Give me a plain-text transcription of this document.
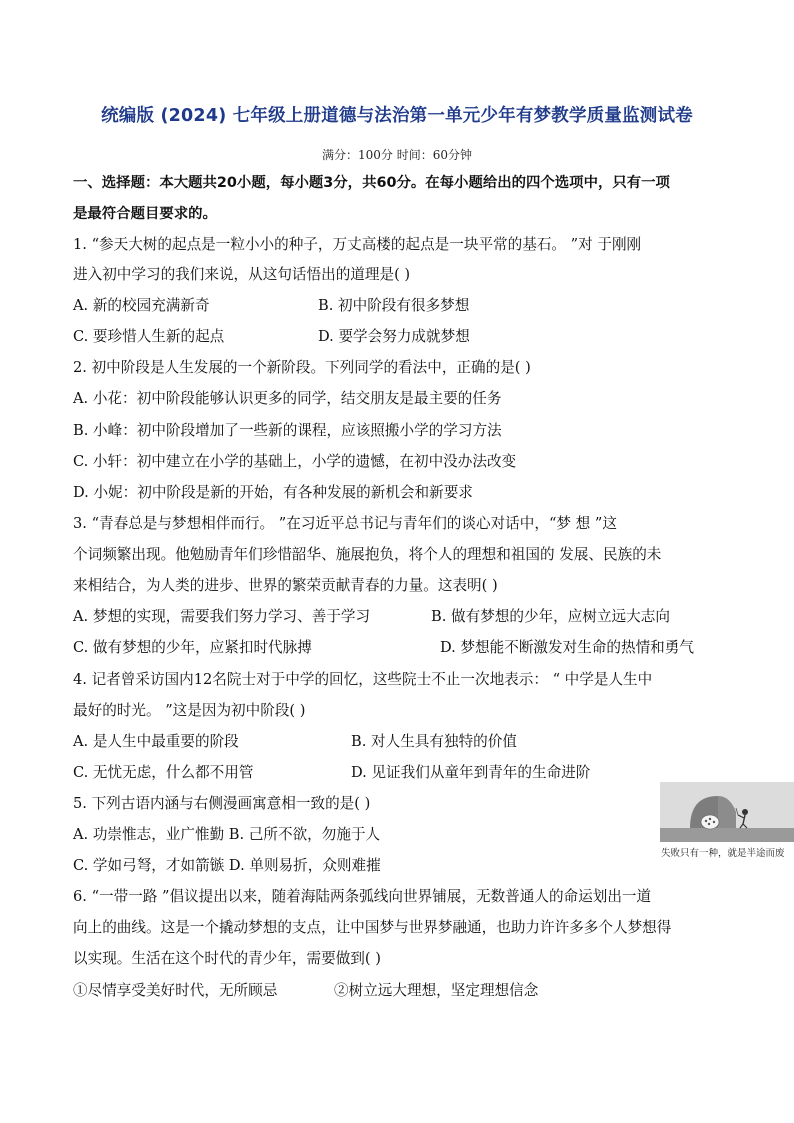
统编版 (2024) 七年级上册道德与法治第一单元少年有梦教学质量监测试卷
满分：100分 时间：60分钟
一、选择题：本大题共20小题，每小题3分，共60分。在每小题给出的四个选项中，只有一项
是最符合题目要求的。
1. “参天大树的起点是一粒小小的种子，万丈高楼的起点是一块平常的基石。 ”对 于刚刚
进入初中学习的我们来说，从这句话悟出的道理是( )
A. 新的校园充满新奇	B. 初中阶段有很多梦想
C. 要珍惜人生新的起点	D. 要学会努力成就梦想
2. 初中阶段是人生发展的一个新阶段。下列同学的看法中，正确的是( )
A. 小花：初中阶段能够认识更多的同学，结交朋友是最主要的任务
B. 小峰：初中阶段增加了一些新的课程，应该照搬小学的学习方法
C. 小轩：初中建立在小学的基础上，小学的遗憾，在初中没办法改变
D. 小妮：初中阶段是新的开始，有各种发展的新机会和新要求
3. “青春总是与梦想相伴而行。 ”在习近平总书记与青年们的谈心对话中，“梦 想 ”这
个词频繁出现。他勉励青年们珍惜韶华、施展抱负，将个人的理想和祖国的 发展、民族的未
来相结合，为人类的进步、世界的繁荣贡献青春的力量。这表明( )
A. 梦想的实现，需要我们努力学习、善于学习	B. 做有梦想的少年，应树立远大志向
C. 做有梦想的少年，应紧扣时代脉搏	D. 梦想能不断激发对生命的热情和勇气
4. 记者曾采访国内12名院士对于中学的回忆，这些院士不止一次地表示： “ 中学是人生中
最好的时光。 ”这是因为初中阶段( )
A. 是人生中最重要的阶段	B. 对人生具有独特的价值
C. 无忧无虑，什么都不用管	D. 见证我们从童年到青年的生命进阶
5. 下列古语内涵与右侧漫画寓意相一致的是( )
A. 功崇惟志，业广惟勤 B. 己所不欲，勿施于人
C. 学如弓弩，才如箭镞 D. 单则易折，众则难摧
失败只有一种，就是半途而废
6. “一带一路 ”倡议提出以来，随着海陆两条弧线向世界铺展，无数普通人的命运划出一道
向上的曲线。这是一个撬动梦想的支点，让中国梦与世界梦融通，也助力许许多多个人梦想得
以实现。生活在这个时代的青少年，需要做到( )
①尽情享受美好时代，无所顾忌	②树立远大理想，坚定理想信念
